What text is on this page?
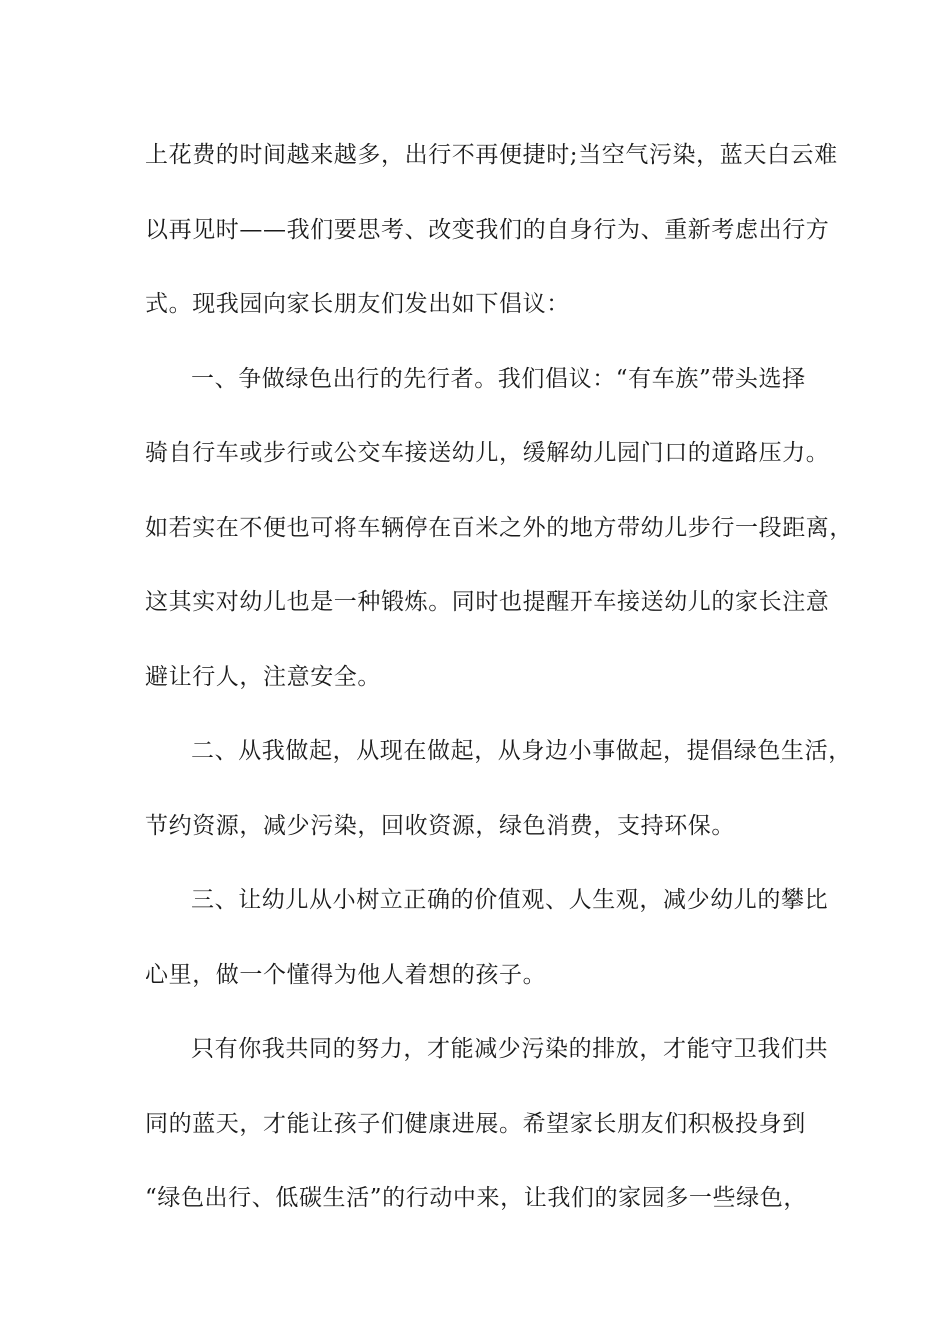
上花费的时间越来越多，出行不再便捷时;当空气污染，蓝天白云难
以再见时——我们要思考、改变我们的自身行为、重新考虑出行方
式。现我园向家长朋友们发出如下倡议：
一、争做绿色出行的先行者。我们倡议：“有车族”带头选择
骑自行车或步行或公交车接送幼儿，缓解幼儿园门口的道路压力。
如若实在不便也可将车辆停在百米之外的地方带幼儿步行一段距离，
这其实对幼儿也是一种锻炼。同时也提醒开车接送幼儿的家长注意
避让行人，注意安全。
二、从我做起，从现在做起，从身边小事做起，提倡绿色生活，
节约资源，减少污染，回收资源，绿色消费，支持环保。
三、让幼儿从小树立正确的价值观、人生观，减少幼儿的攀比
心里，做一个懂得为他人着想的孩子。
只有你我共同的努力，才能减少污染的排放，才能守卫我们共
同的蓝天，才能让孩子们健康进展。希望家长朋友们积极投身到
“绿色出行、低碳生活”的行动中来，让我们的家园多一些绿色，
